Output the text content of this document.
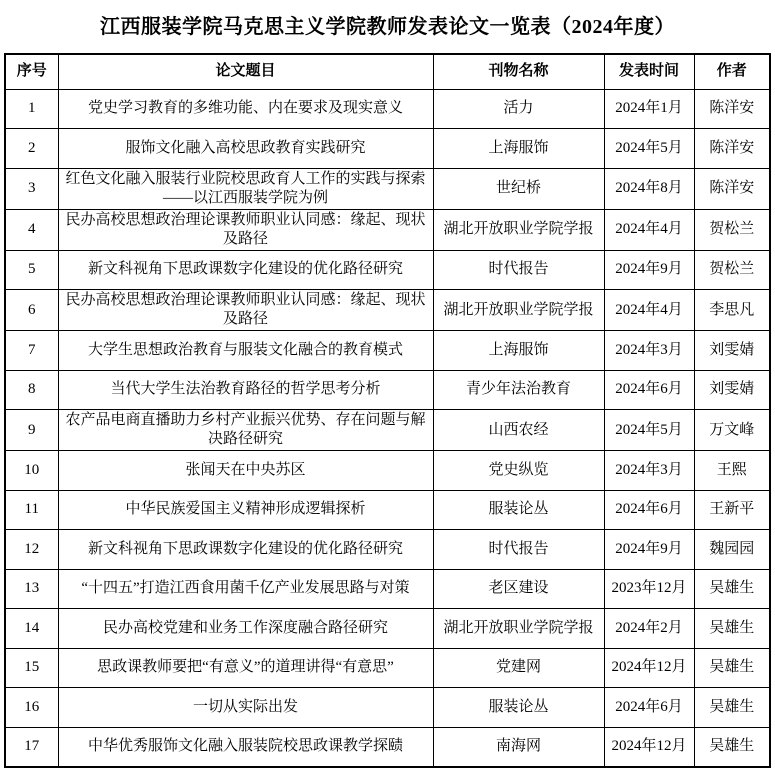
江西服装学院马克思主义学院教师发表论文一览表（2024年度）
序号	论文题目	刊物名称	发表时间	作者
1	党史学习教育的多维功能、内在要求及现实意义	活力	2024年1月	陈洋安
2	服饰文化融入高校思政教育实践研究	上海服饰	2024年5月	陈洋安
3	红色文化融入服装行业院校思政育人工作的实践与探索——以江西服装学院为例	世纪桥	2024年8月	陈洋安
4	民办高校思想政治理论课教师职业认同感：缘起、现状及路径	湖北开放职业学院学报	2024年4月	贺松兰
5	新文科视角下思政课数字化建设的优化路径研究	时代报告	2024年9月	贺松兰
6	民办高校思想政治理论课教师职业认同感：缘起、现状及路径	湖北开放职业学院学报	2024年4月	李思凡
7	大学生思想政治教育与服装文化融合的教育模式	上海服饰	2024年3月	刘雯婧
8	当代大学生法治教育路径的哲学思考分析	青少年法治教育	2024年6月	刘雯婧
9	农产品电商直播助力乡村产业振兴优势、存在问题与解决路径研究	山西农经	2024年5月	万文峰
10	张闻天在中央苏区	党史纵览	2024年3月	王熙
11	中华民族爱国主义精神形成逻辑探析	服装论丛	2024年6月	王新平
12	新文科视角下思政课数字化建设的优化路径研究	时代报告	2024年9月	魏园园
13	“十四五”打造江西食用菌千亿产业发展思路与对策	老区建设	2023年12月	吴雄生
14	民办高校党建和业务工作深度融合路径研究	湖北开放职业学院学报	2024年2月	吴雄生
15	思政课教师要把“有意义”的道理讲得“有意思”	党建网	2024年12月	吴雄生
16	一切从实际出发	服装论丛	2024年6月	吴雄生
17	中华优秀服饰文化融入服装院校思政课教学探赜	南海网	2024年12月	吴雄生
